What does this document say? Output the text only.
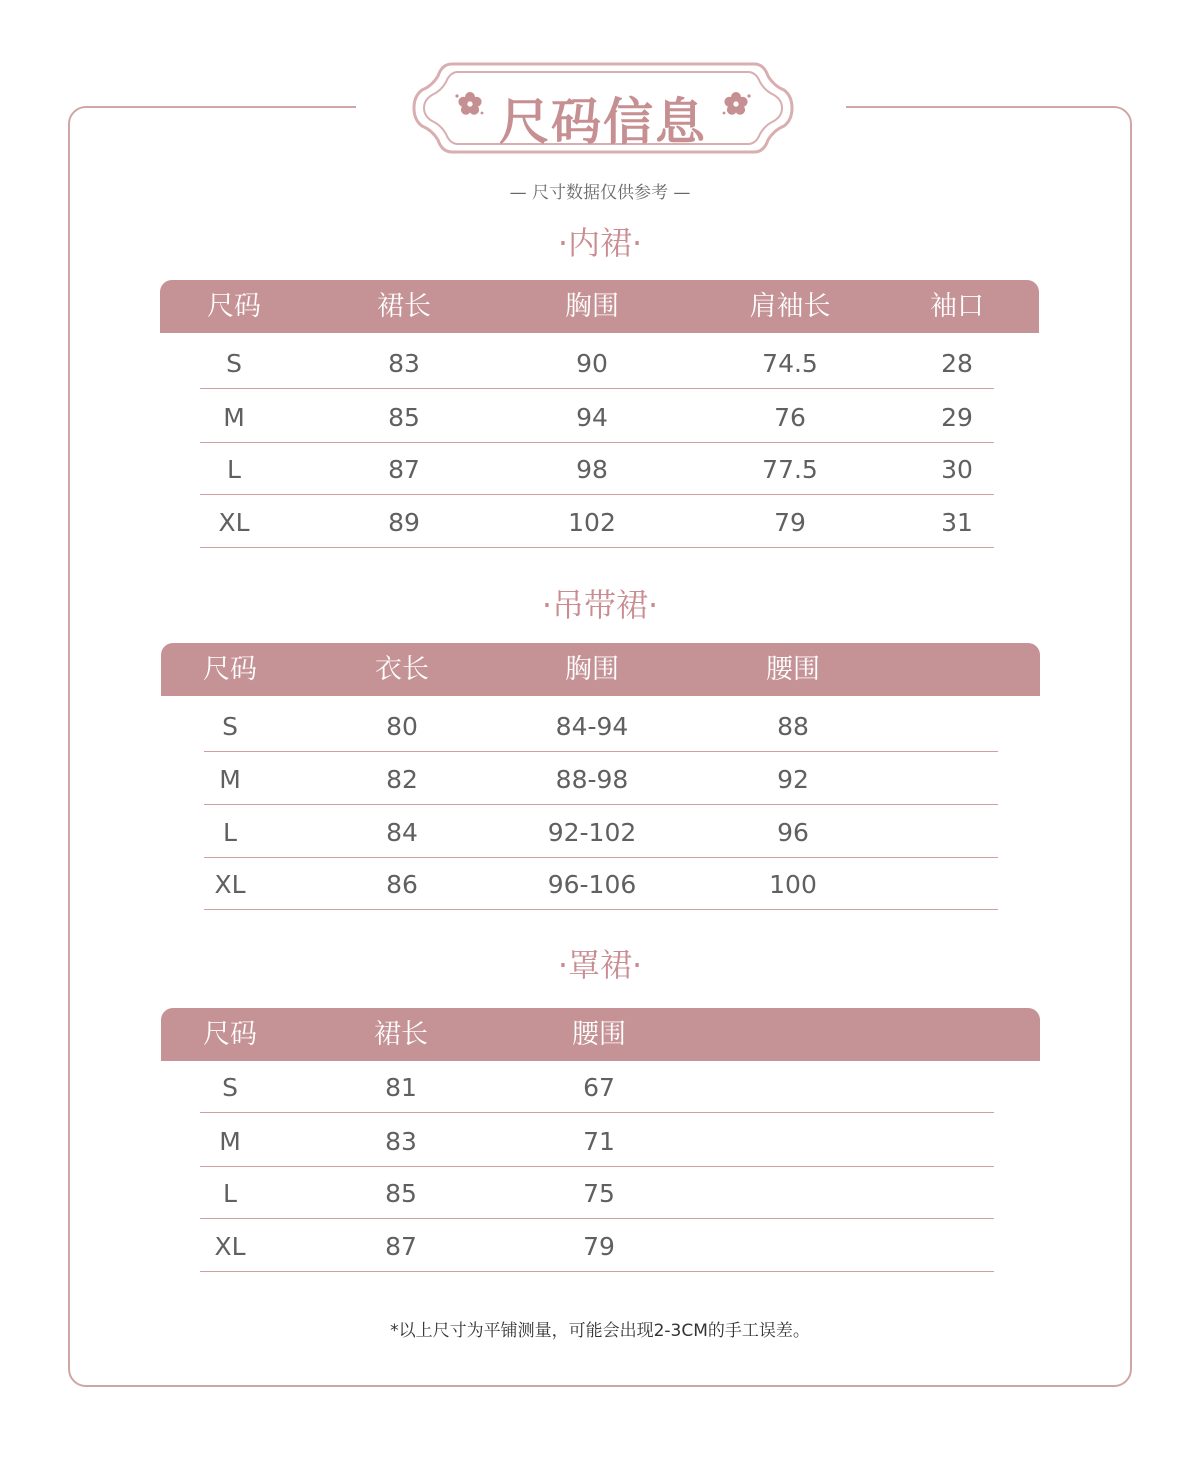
尺码信息
— 尺寸数据仅供参考 —
·内裙·
尺码	裙长	胸围	肩袖长	袖口
S	83	90	74.5	28
M	85	94	76	29
L	87	98	77.5	30
XL	89	102	79	31
·吊带裙·
尺码	衣长	胸围	腰围
S	80	84-94	88
M	82	88-98	92
L	84	92-102	96
XL	86	96-106	100
·罩裙·
尺码	裙长	腰围
S	81	67
M	83	71
L	85	75
XL	87	79
*以上尺寸为平铺测量，可能会出现2-3CM的手工误差。
